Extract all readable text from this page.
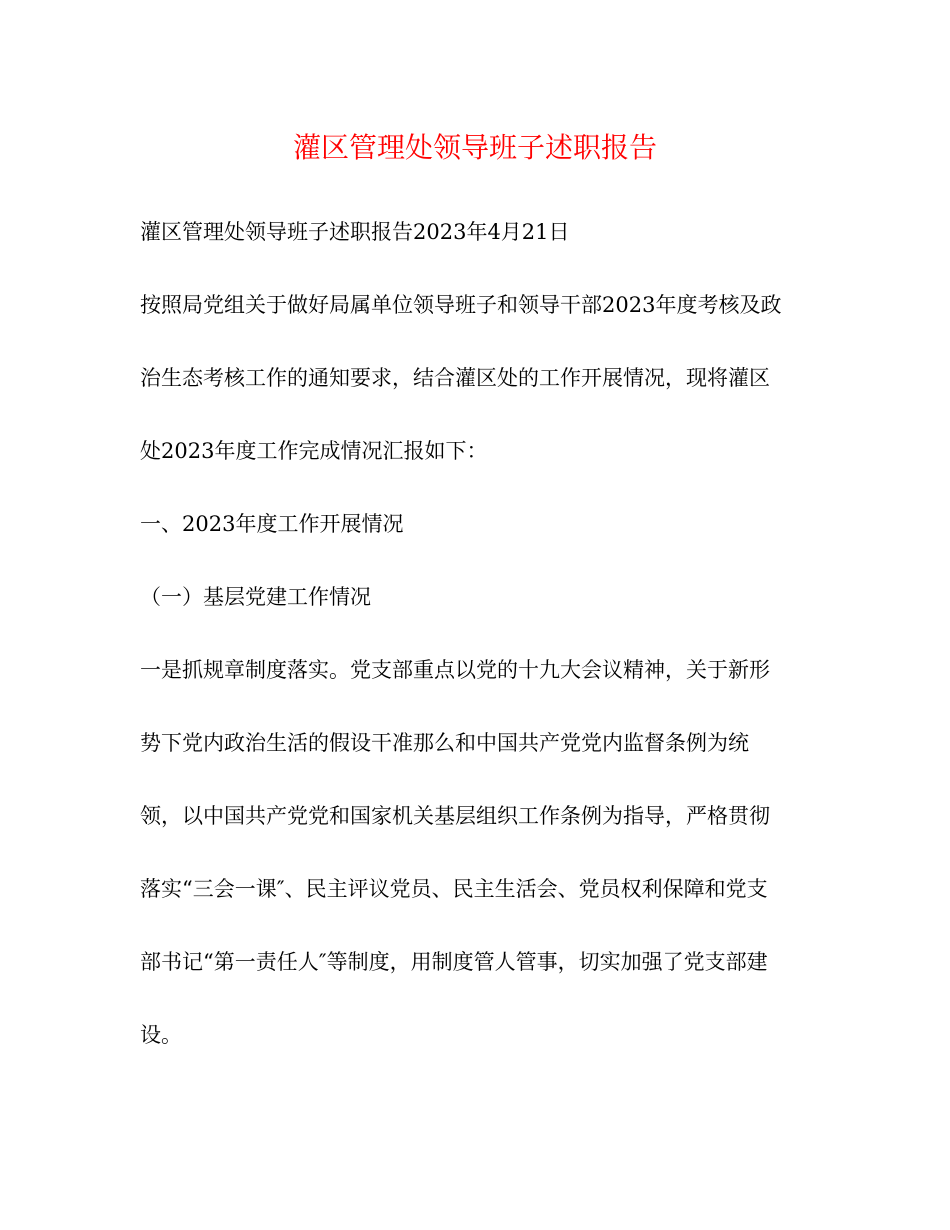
灌区管理处领导班子述职报告
灌区管理处领导班子述职报告2023年4月21日
按照局党组关于做好局属单位领导班子和领导干部2023年度考核及政
治生态考核工作的通知要求，结合灌区处的工作开展情况，现将灌区
处2023年度工作完成情况汇报如下：
一、2023年度工作开展情况
（一）基层党建工作情况
一是抓规章制度落实。党支部重点以党的十九大会议精神，关于新形
势下党内政治生活的假设干准那么和中国共产党党内监督条例为统
领，以中国共产党党和国家机关基层组织工作条例为指导，严格贯彻
落实“三会一课″、民主评议党员、民主生活会、党员权利保障和党支
部书记“第一责任人″等制度，用制度管人管事，切实加强了党支部建
设。
